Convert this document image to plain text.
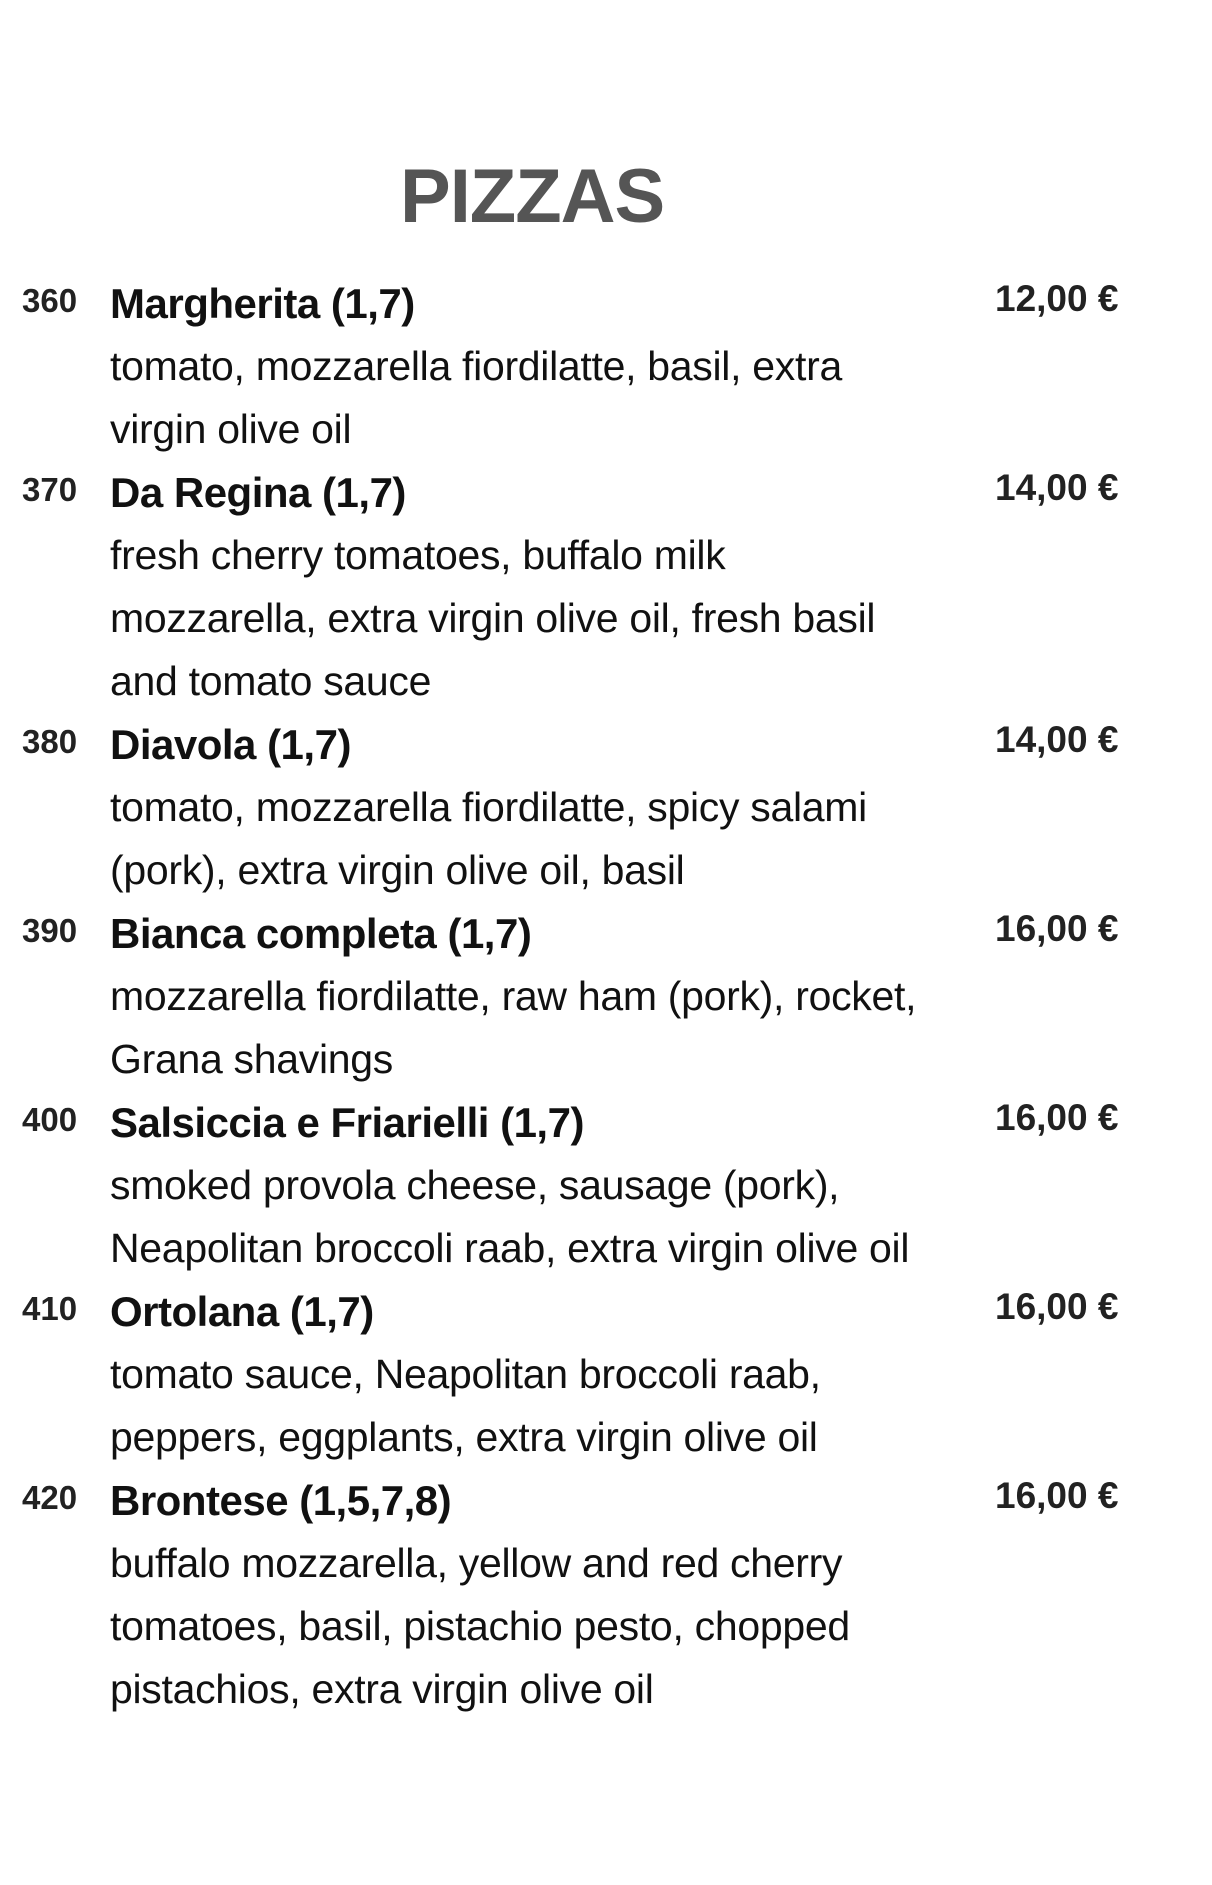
PIZZAS
360 Margherita (1,7)	12,00 €
tomato, mozzarella fiordilatte, basil, extra virgin olive oil
370 Da Regina (1,7)	14,00 €
fresh cherry tomatoes, buffalo milk mozzarella, extra virgin olive oil, fresh basil and tomato sauce
380 Diavola (1,7)	14,00 €
tomato, mozzarella fiordilatte, spicy salami (pork), extra virgin olive oil, basil
390 Bianca completa (1,7)	16,00 €
mozzarella fiordilatte, raw ham (pork), rocket, Grana shavings
400 Salsiccia e Friarielli (1,7)	16,00 €
smoked provola cheese, sausage (pork), Neapolitan broccoli raab, extra virgin olive oil
410 Ortolana (1,7)	16,00 €
tomato sauce, Neapolitan broccoli raab, peppers, eggplants, extra virgin olive oil
420 Brontese (1,5,7,8)	16,00 €
buffalo mozzarella, yellow and red cherry tomatoes, basil, pistachio pesto, chopped pistachios, extra virgin olive oil
